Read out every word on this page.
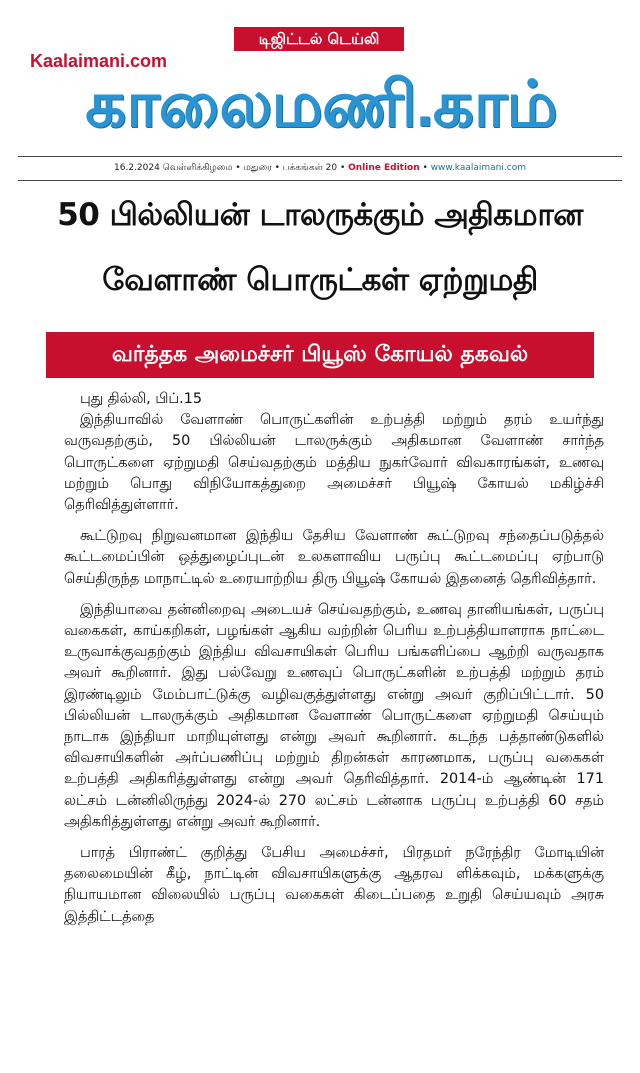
டிஜிட்டல் டெய்லி
Kaalaimani.com
காலைமணி.காம்
16.2.2024 வெள்ளிக்கிழமை • மதுரை • பக்கங்கள் 20 • Online Edition • www.kaalaimani.com
50 பில்லியன் டாலருக்கும் அதிகமான
வேளாண் பொருட்கள் ஏற்றுமதி
வர்த்தக அமைச்சர் பியூஸ் கோயல் தகவல்
புது தில்லி, பிப்.15

இந்தியாவில் வேளாண் பொருட்களின் உற்பத்தி மற்றும் தரம் உயர்ந்து வருவதற்கும், 50 பில்லியன் டாலருக்கும் அதிகமான வேளாண் சார்ந்த பொருட்களை ஏற்றுமதி செய்வதற்கும் மத்திய நுகர்வோர் விவகாரங்கள், உணவு மற்றும் பொது விநியோகத்துறை அமைச்சர் பியூஷ் கோயல் மகிழ்ச்சி தெரிவித்துள்ளார்.

கூட்டுறவு நிறுவனமான இந்திய தேசிய வேளாண் கூட்டுறவு சந்தைப்படுத்தல் கூட்டமைப்பின் ஒத்துழைப்புடன் உலகளாவிய பருப்பு கூட்டமைப்பு ஏற்பாடு செய்திருந்த மாநாட்டில் உரையாற்றிய திரு பியூஷ் கோயல் இதனைத் தெரிவித்தார்.

இந்தியாவை தன்னிறைவு அடையச் செய்வதற்கும், உணவு தானியங்கள், பருப்பு வகைகள், காய்கறிகள், பழங்கள் ஆகிய வற்றின் பெரிய உற்பத்தியாளராக நாட்டை உருவாக்குவதற்கும் இந்திய விவசாயிகள் பெரிய பங்களிப்பை ஆற்றி வருவதாக அவர் கூறினார். இது பல்வேறு உணவுப் பொருட்களின் உற்பத்தி மற்றும் தரம் இரண்டிலும் மேம்பாட்டுக்கு வழிவகுத்துள்ளது என்று அவர் குறிப்பிட்டார். 50 பில்லியன் டாலருக்கும் அதிகமான வேளாண் பொருட்களை ஏற்றுமதி செய்யும் நாடாக இந்தியா மாறியுள்ளது என்று அவர் கூறினார். கடந்த பத்தாண்டுகளில் விவசாயிகளின் அர்ப்பணிப்பு மற்றும் திறன்கள் காரணமாக, பருப்பு வகைகள் உற்பத்தி அதிகரித்துள்ளது என்று அவர் தெரிவித்தார். 2014-ம் ஆண்டின் 171 லட்சம் டன்னிலிருந்து 2024-ல் 270 லட்சம் டன்னாக பருப்பு உற்பத்தி 60 சதம் அதிகரித்துள்ளது என்று அவர் கூறினார்.

பாரத் பிராண்ட் குறித்து பேசிய அமைச்சர், பிரதமர் நரேந்திர மோடியின் தலைமையின் கீழ், நாட்டின் விவசாயிகளுக்கு ஆதரவ ளிக்கவும், மக்களுக்கு நியாயமான விலையில் பருப்பு வகைகள் கிடைப்பதை உறுதி செய்யவும் அரசு இத்திட்டத்தை
